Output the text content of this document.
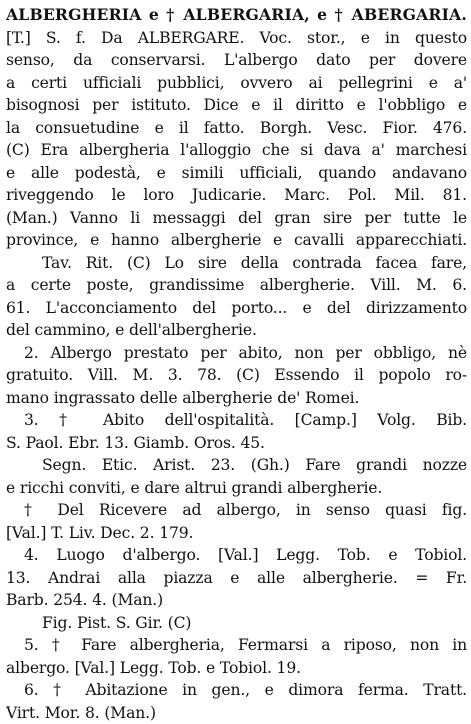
ALBERGHERIA e † ALBERGARIA, e † ABERGARIA.
[T.] S. f. Da ALBERGARE. Voc. stor., e in questo
senso, da conservarsi. L'albergo dato per dovere
a certi ufficiali pubblici, ovvero ai pellegrini e a'
bisognosi per istituto. Dice e il diritto e l'obbligo e
la consuetudine e il fatto. Borgh. Vesc. Fior. 476.
(C) Era albergheria l'alloggio che si dava a' marchesi
e alle podestà, e simili ufficiali, quando andavano
riveggendo le loro Judicarie. Marc. Pol. Mil. 81.
(Man.) Vanno li messaggi del gran sire per tutte le
province, e hanno albergherie e cavalli apparecchiati.
Tav. Rit. (C) Lo sire della contrada facea fare,
a certe poste, grandissime albergherie. Vill. M. 6.
61. L'acconciamento del porto... e del dirizzamento
del cammino, e dell'albergherie.
2. Albergo prestato per abito, non per obbligo, nè
gratuito. Vill. M. 3. 78. (C) Essendo il popolo ro-
mano ingrassato delle albergherie de' Romei.
3. † Abito dell'ospitalità. [Camp.] Volg. Bib.
S. Paol. Ebr. 13. Giamb. Oros. 45.
Segn. Etic. Arist. 23. (Gh.) Fare grandi nozze
e ricchi conviti, e dare altrui grandi albergherie.
† Del Ricevere ad albergo, in senso quasi fig.
[Val.] T. Liv. Dec. 2. 179.
4. Luogo d'albergo. [Val.] Legg. Tob. e Tobiol.
13. Andrai alla piazza e alle albergherie. = Fr.
Barb. 254. 4. (Man.)
Fig. Pist. S. Gir. (C)
5. † Fare albergheria, Fermarsi a riposo, non in
albergo. [Val.] Legg. Tob. e Tobiol. 19.
6. † Abitazione in gen., e dimora ferma. Tratt.
Virt. Mor. 8. (Man.)
